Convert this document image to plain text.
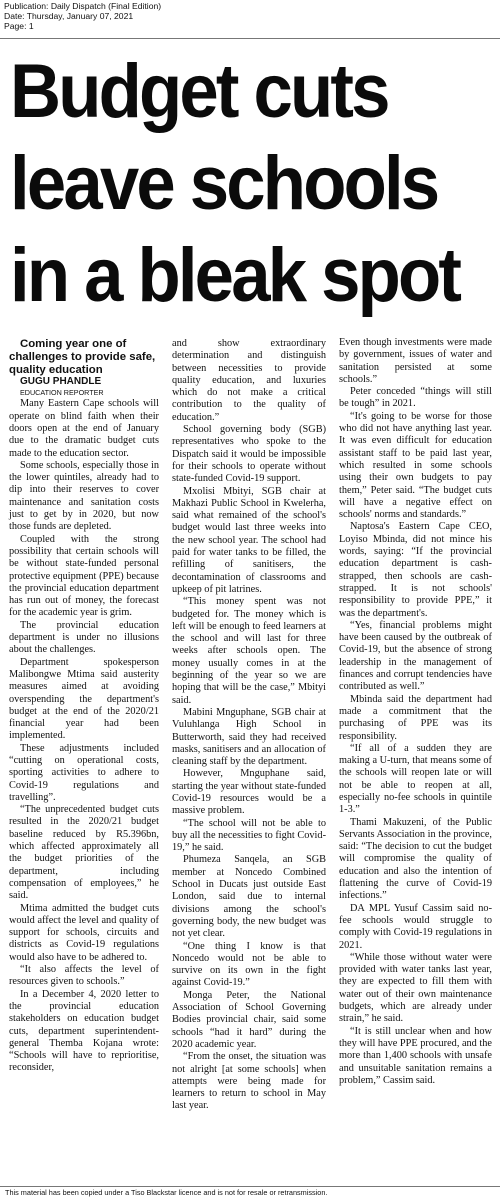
Publication: Daily Dispatch (Final Edition)
Date: Thursday, January 07, 2021
Page: 1
Budget cuts
leave schools
in a bleak spot

Coming year one of challenges to provide safe, quality education

GUGU PHANDLE

EDUCATION REPORTER

Many Eastern Cape schools will operate on blind faith when their doors open at the end of January due to the dramatic budget cuts made to the education sector.

Some schools, especially those in the lower quintiles, already had to dip into their reserves to cover maintenance and sanitation costs just to get by in 2020, but now those funds are depleted.

Coupled with the strong possibility that certain schools will be without state-funded personal protective equipment (PPE) because the provincial education department has run out of money, the forecast for the academic year is grim.

The provincial education department is under no illusions about the challenges.

Department spokesperson Malibongwe Mtima said austerity measures aimed at avoiding overspending the department's budget at the end of the 2020/21 financial year had been implemented.

These adjustments included “cutting on operational costs, sporting activities to adhere to Covid-19 regulations and travelling”.

“The unprecedented budget cuts resulted in the 2020/21 budget baseline reduced by R5.396bn, which affected approximately all the budget priorities of the department, including compensation of employees,” he said.

Mtima admitted the budget cuts would affect the level and quality of support for schools, circuits and districts as Covid-19 regulations would also have to be adhered to.

“It also affects the level of resources given to schools.”

In a December 4, 2020 letter to the provincial education stakeholders on education budget cuts, department superintendent-general Themba Kojana wrote: “Schools will have to reprioritise, reconsider,

and show extraordinary determination and distinguish between necessities to provide quality education, and luxuries which do not make a critical contribution to the quality of education.”

School governing body (SGB) representatives who spoke to the Dispatch said it would be impossible for their schools to operate without state-funded Covid-19 support.

Mxolisi Mbityi, SGB chair at Makhazi Public School in Kwelerha, said what remained of the school's budget would last three weeks into the new school year. The school had paid for water tanks to be filled, the refilling of sanitisers, the decontamination of classrooms and upkeep of pit latrines.

“This money spent was not budgeted for. The money which is left will be enough to feed learners at the school and will last for three weeks after schools open. The money usually comes in at the beginning of the year so we are hoping that will be the case,” Mbityi said.

Mabini Mnguphane, SGB chair at Vuluhlanga High School in Butterworth, said they had received masks, sanitisers and an allocation of cleaning staff by the department.

However, Mnguphane said, starting the year without state-funded Covid-19 resources would be a massive problem.

“The school will not be able to buy all the necessities to fight Covid-19,” he said.

Phumeza Sanqela, an SGB member at Noncedo Combined School in Ducats just outside East London, said due to internal divisions among the school's governing body, the new budget was not yet clear.

“One thing I know is that Noncedo would not be able to survive on its own in the fight against Covid-19.”

Monga Peter, the National Association of School Governing Bodies provincial chair, said some schools “had it hard” during the 2020 academic year.

“From the onset, the situation was not alright [at some schools] when attempts were being made for learners to return to school in May last year.

Even though investments were made by government, issues of water and sanitation persisted at some schools.”

Peter conceded “things will still be tough” in 2021.

“It's going to be worse for those who did not have anything last year. It was even difficult for education assistant staff to be paid last year, which resulted in some schools using their own budgets to pay them,” Peter said. “The budget cuts will have a negative effect on schools' norms and standards.”

Naptosa's Eastern Cape CEO, Loyiso Mbinda, did not mince his words, saying: “If the provincial education department is cash-strapped, then schools are cash-strapped. It is not schools' responsibility to provide PPE,” it was the department's.

“Yes, financial problems might have been caused by the outbreak of Covid-19, but the absence of strong leadership in the management of finances and corrupt tendencies have contributed as well.”

Mbinda said the department had made a commitment that the purchasing of PPE was its responsibility.

“If all of a sudden they are making a U-turn, that means some of the schools will reopen late or will not be able to reopen at all, especially no-fee schools in quintile 1-3.”

Thami Makuzeni, of the Public Servants Association in the province, said: “The decision to cut the budget will compromise the quality of education and also the intention of flattening the curve of Covid-19 infections.”

DA MPL Yusuf Cassim said no-fee schools would struggle to comply with Covid-19 regulations in 2021.

“While those without water were provided with water tanks last year, they are expected to fill them with water out of their own maintenance budgets, which are already under strain,” he said.

“It is still unclear when and how they will have PPE procured, and the more than 1,400 schools with unsafe and unsuitable sanitation remains a problem,” Cassim said.

This material has been copied under a Tiso Blackstar licence and is not for resale or retransmission.
